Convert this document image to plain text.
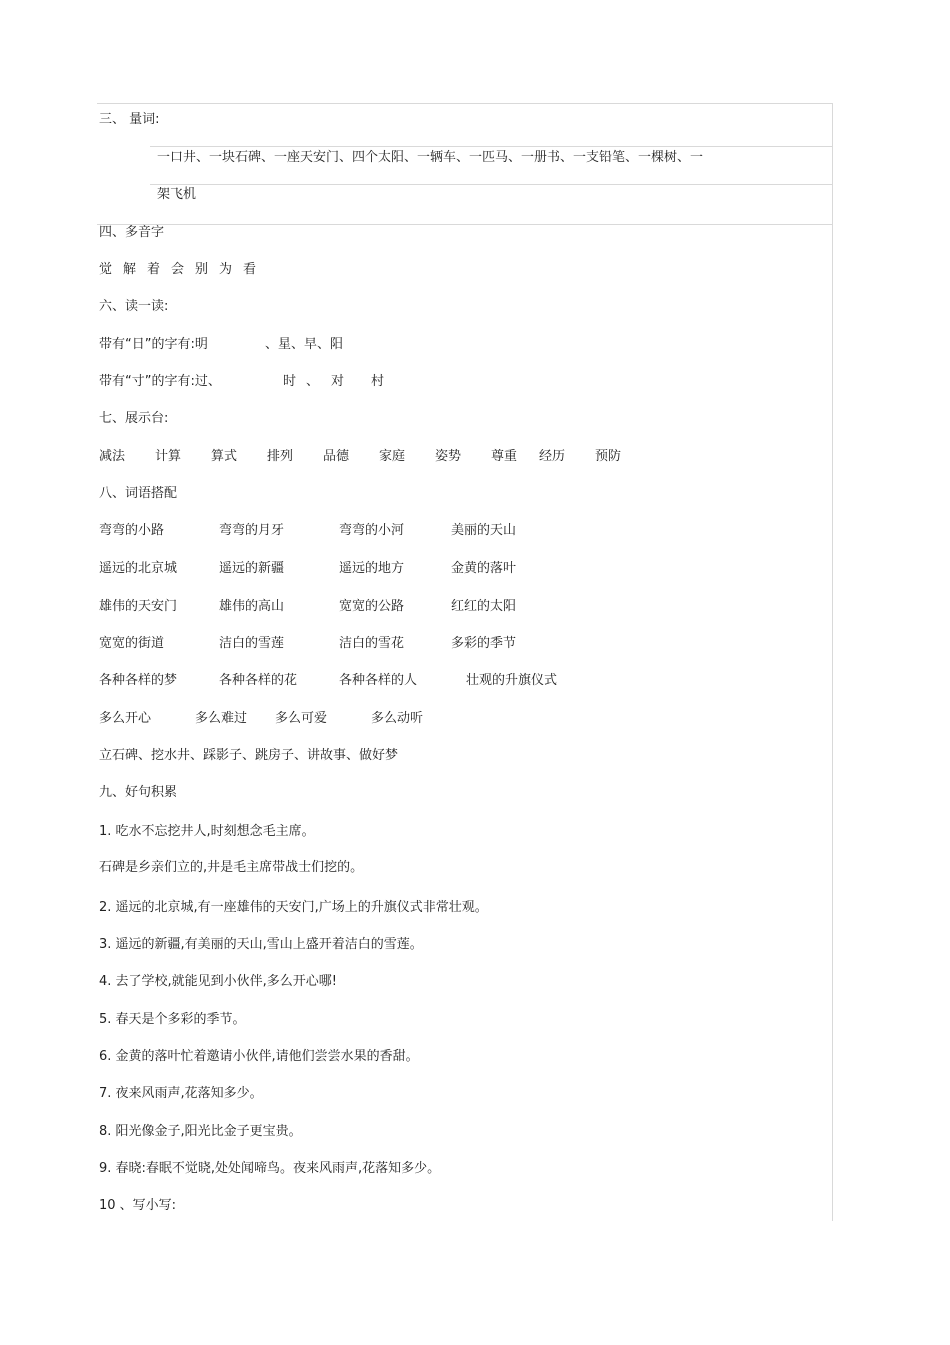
三、 量词:
一口井、一块石碑、一座天安门、四个太阳、一辆车、一匹马、一册书、一支铅笔、一棵树、一
架飞机
四、多音字
觉 解 着 会 别 为 看
六、读一读:
带有“日”的字有:明	、星、早、阳
带有“寸”的字有:过、	时 、 对 村
七、展示台:
减法 计算 算式 排列 品德 家庭 姿势 尊重 经历 预防
八、词语搭配
弯弯的小路	弯弯的月牙	弯弯的小河	美丽的天山
遥远的北京城	遥远的新疆	遥远的地方	金黄的落叶
雄伟的天安门	雄伟的高山	宽宽的公路	红红的太阳
宽宽的街道	洁白的雪莲	洁白的雪花	多彩的季节
各种各样的梦	各种各样的花	各种各样的人	壮观的升旗仪式
多么开心	多么难过 多么可爱	多么动听
立石碑、挖水井、踩影子、跳房子、讲故事、做好梦
九、好句积累
1. 吃水不忘挖井人,时刻想念毛主席。
石碑是乡亲们立的,井是毛主席带战士们挖的。
2. 遥远的北京城,有一座雄伟的天安门,广场上的升旗仪式非常壮观。
3. 遥远的新疆,有美丽的天山,雪山上盛开着洁白的雪莲。
4. 去了学校,就能见到小伙伴,多么开心哪!
5. 春天是个多彩的季节。
6. 金黄的落叶忙着邀请小伙伴,请他们尝尝水果的香甜。
7. 夜来风雨声,花落知多少。
8. 阳光像金子,阳光比金子更宝贵。
9. 春晓:春眠不觉晓,处处闻啼鸟。夜来风雨声,花落知多少。
10 、写小写:
